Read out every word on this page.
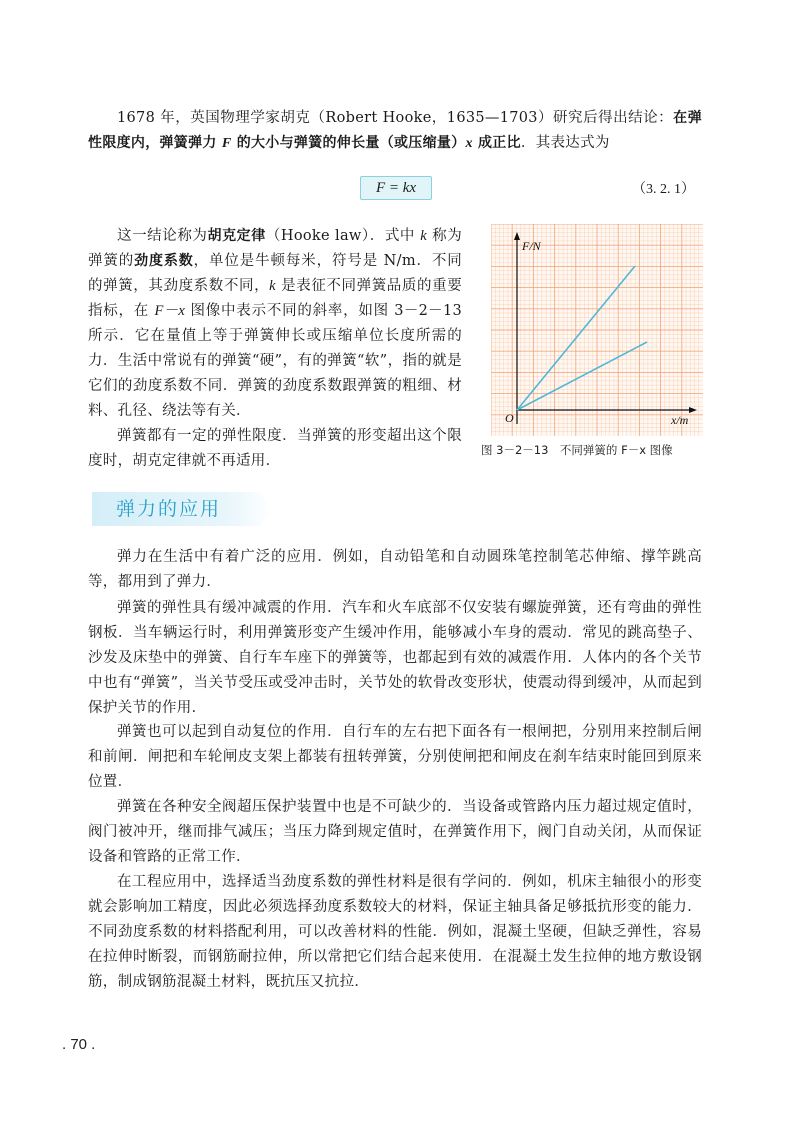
1678 年，英国物理学家胡克（Robert Hooke，1635—1703）研究后得出结论：在弹性限度内，弹簧弹力 F 的大小与弹簧的伸长量（或压缩量）x 成正比．其表达式为

F = kx	（3. 2. 1）

这一结论称为胡克定律（Hooke law）．式中 k 称为弹簧的劲度系数，单位是牛顿每米，符号是 N/m．不同的弹簧，其劲度系数不同，k 是表征不同弹簧品质的重要指标，在 F－x 图像中表示不同的斜率，如图 3－2－13所示．它在量值上等于弹簧伸长或压缩单位长度所需的力．生活中常说有的弹簧“硬”，有的弹簧“软”，指的就是它们的劲度系数不同．弹簧的劲度系数跟弹簧的粗细、材料、孔径、绕法等有关．

弹簧都有一定的弹性限度．当弹簧的形变超出这个限度时，胡克定律就不再适用．

F/N
x/m
O
图 3－2－13　不同弹簧的 F－x 图像
弹力的应用

弹力在生活中有着广泛的应用．例如，自动铅笔和自动圆珠笔控制笔芯伸缩、撑竿跳高等，都用到了弹力．

弹簧的弹性具有缓冲减震的作用．汽车和火车底部不仅安装有螺旋弹簧，还有弯曲的弹性钢板．当车辆运行时，利用弹簧形变产生缓冲作用，能够减小车身的震动．常见的跳高垫子、沙发及床垫中的弹簧、自行车车座下的弹簧等，也都起到有效的减震作用．人体内的各个关节中也有“弹簧”，当关节受压或受冲击时，关节处的软骨改变形状，使震动得到缓冲，从而起到保护关节的作用．

弹簧也可以起到自动复位的作用．自行车的左右把下面各有一根闸把，分别用来控制后闸和前闸．闸把和车轮闸皮支架上都装有扭转弹簧，分别使闸把和闸皮在刹车结束时能回到原来位置．

弹簧在各种安全阀超压保护装置中也是不可缺少的．当设备或管路内压力超过规定值时，阀门被冲开，继而排气减压；当压力降到规定值时，在弹簧作用下，阀门自动关闭，从而保证设备和管路的正常工作．

在工程应用中，选择适当劲度系数的弹性材料是很有学问的．例如，机床主轴很小的形变就会影响加工精度，因此必须选择劲度系数较大的材料，保证主轴具备足够抵抗形变的能力．不同劲度系数的材料搭配利用，可以改善材料的性能．例如，混凝土坚硬，但缺乏弹性，容易在拉伸时断裂，而钢筋耐拉伸，所以常把它们结合起来使用．在混凝土发生拉伸的地方敷设钢筋，制成钢筋混凝土材料，既抗压又抗拉．

. 70 .
